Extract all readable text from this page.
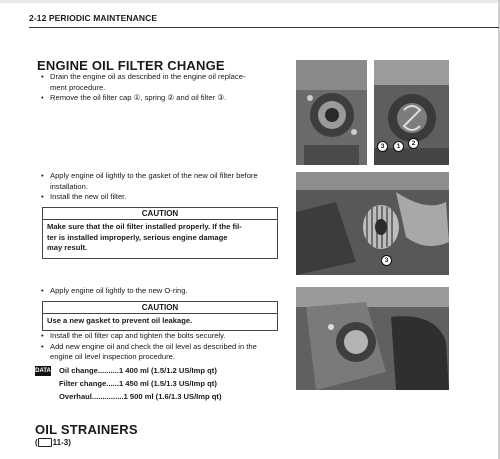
2-12 PERIODIC MAINTENANCE
ENGINE OIL FILTER CHANGE
• Drain the engine oil as described in the engine oil replace-
ment procedure.
• Remove the oil filter cap ①, spring ② and oil filter ③.
3	1	2
• Apply engine oil lightly to the gasket of the new oil filter before
installation.
• Install the new oil filter.
CAUTION
Make sure that the oil filter installed properly. If the fil-
ter is installed improperly, serious engine damage
may result.
3
• Apply engine oil lightly to the new O-ring.
CAUTION
Use a new gasket to prevent oil leakage.
• Install the oil filter cap and tighten the bolts securely.
• Add new engine oil and check the oil level as described in the
engine oil level inspection procedure.
DATA Oil change..........1 400 ml (1.5/1.2 US/Imp qt)
Filter change......1 450 ml (1.5/1.3 US/Imp qt)
Overhaul...............1 500 ml (1.6/1.3 US/Imp qt)
OIL STRAINERS
( 11-3)
